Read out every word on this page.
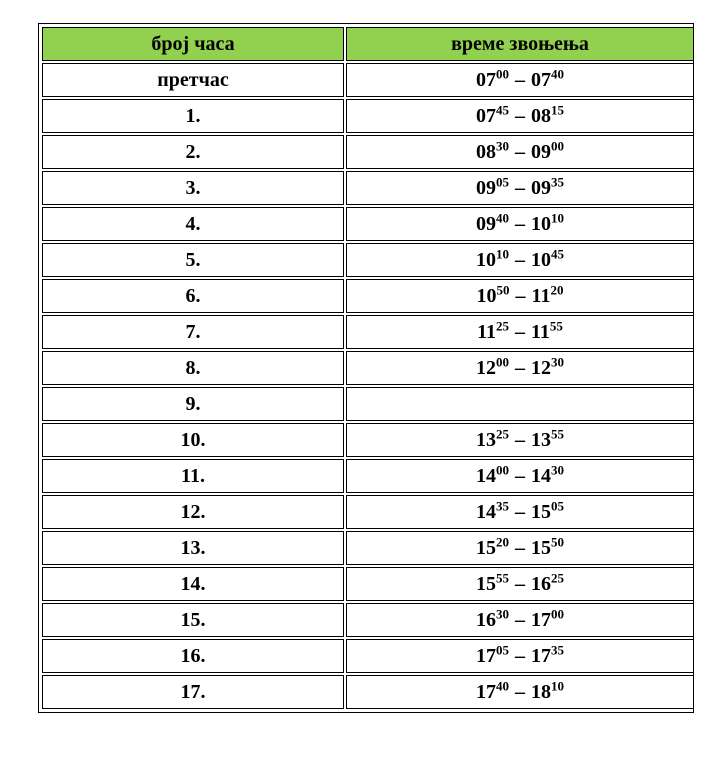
број часа	време звоњења
претчас	$07^{00} - 07^{40}$
1.	$07^{45} - 08^{15}$
2.	$08^{30} - 09^{00}$
3.	$09^{05} - 09^{35}$
4.	$09^{40} - 10^{10}$
5.	$10^{10} - 10^{45}$
6.	$10^{50} - 11^{20}$
7.	$11^{25} - 11^{55}$
8.	$12^{00} - 12^{30}$
9.	
10.	$13^{25} - 13^{55}$
11.	$14^{00} - 14^{30}$
12.	$14^{35} - 15^{05}$
13.	$15^{20} - 15^{50}$
14.	$15^{55} - 16^{25}$
15.	$16^{30} - 17^{00}$
16.	$17^{05} - 17^{35}$
17.	$17^{40} - 18^{10}$
